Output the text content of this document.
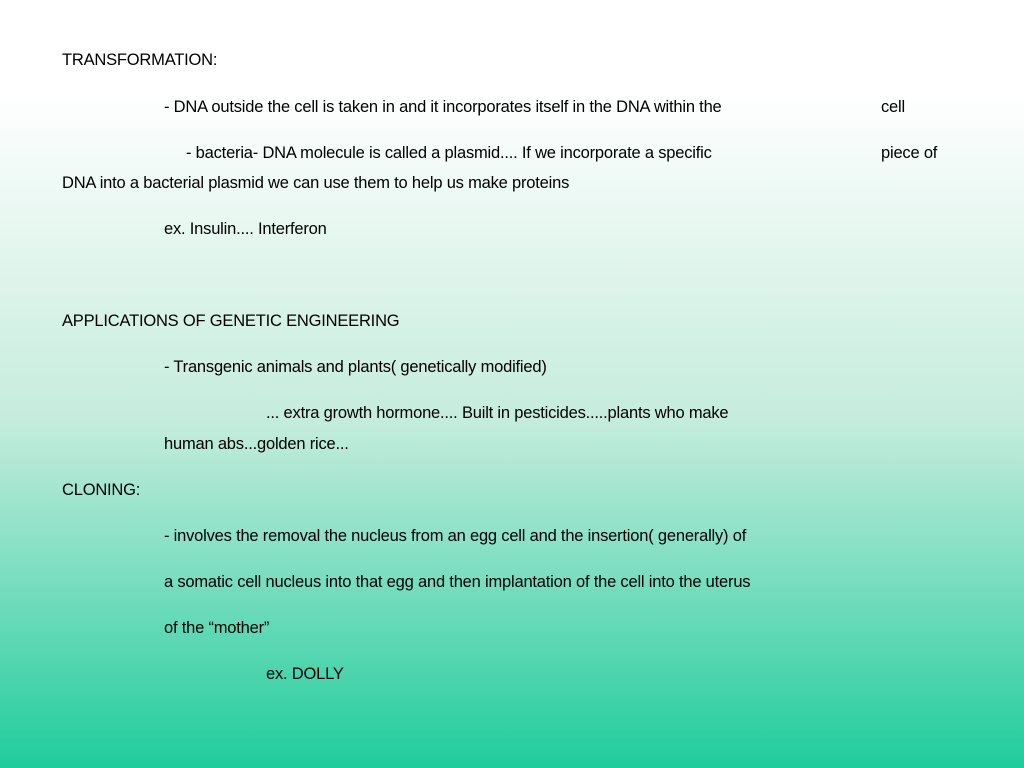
TRANSFORMATION:
- DNA outside the cell is taken in and it incorporates itself in the DNA within the	cell
- bacteria- DNA molecule is called a plasmid.... If we incorporate a specific	piece of
DNA into a bacterial plasmid we can use them to help us make proteins
ex. Insulin.... Interferon
APPLICATIONS OF GENETIC ENGINEERING
- Transgenic animals and plants( genetically modified)
... extra growth hormone.... Built in pesticides.....plants who make
human abs...golden rice...
CLONING:
- involves the removal the nucleus from an egg cell and the insertion( generally) of
a somatic cell nucleus into that egg and then implantation of the cell into the uterus
of the “mother”
ex. DOLLY
